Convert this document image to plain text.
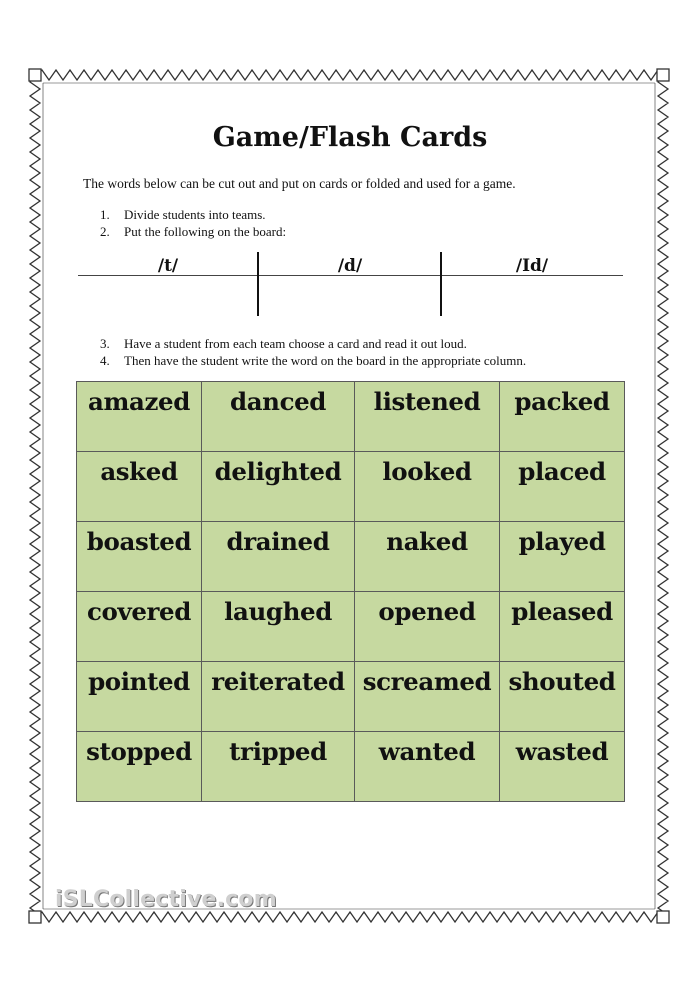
Game/Flash Cards
The words below can be cut out and put on cards or folded and used for a game.
1. Divide students into teams.
2. Put the following on the board:
/t/	/d/	/Id/
3. Have a student from each team choose a card and read it out loud.
4. Then have the student write the word on the board in the appropriate column.
amazed	danced	listened	packed

asked	delighted	looked	placed

boasted	drained	naked	played

covered	laughed	opened	pleased

pointed	reiterated	screamed	shouted

stopped	tripped	wanted	wasted
iSLCollective.com
